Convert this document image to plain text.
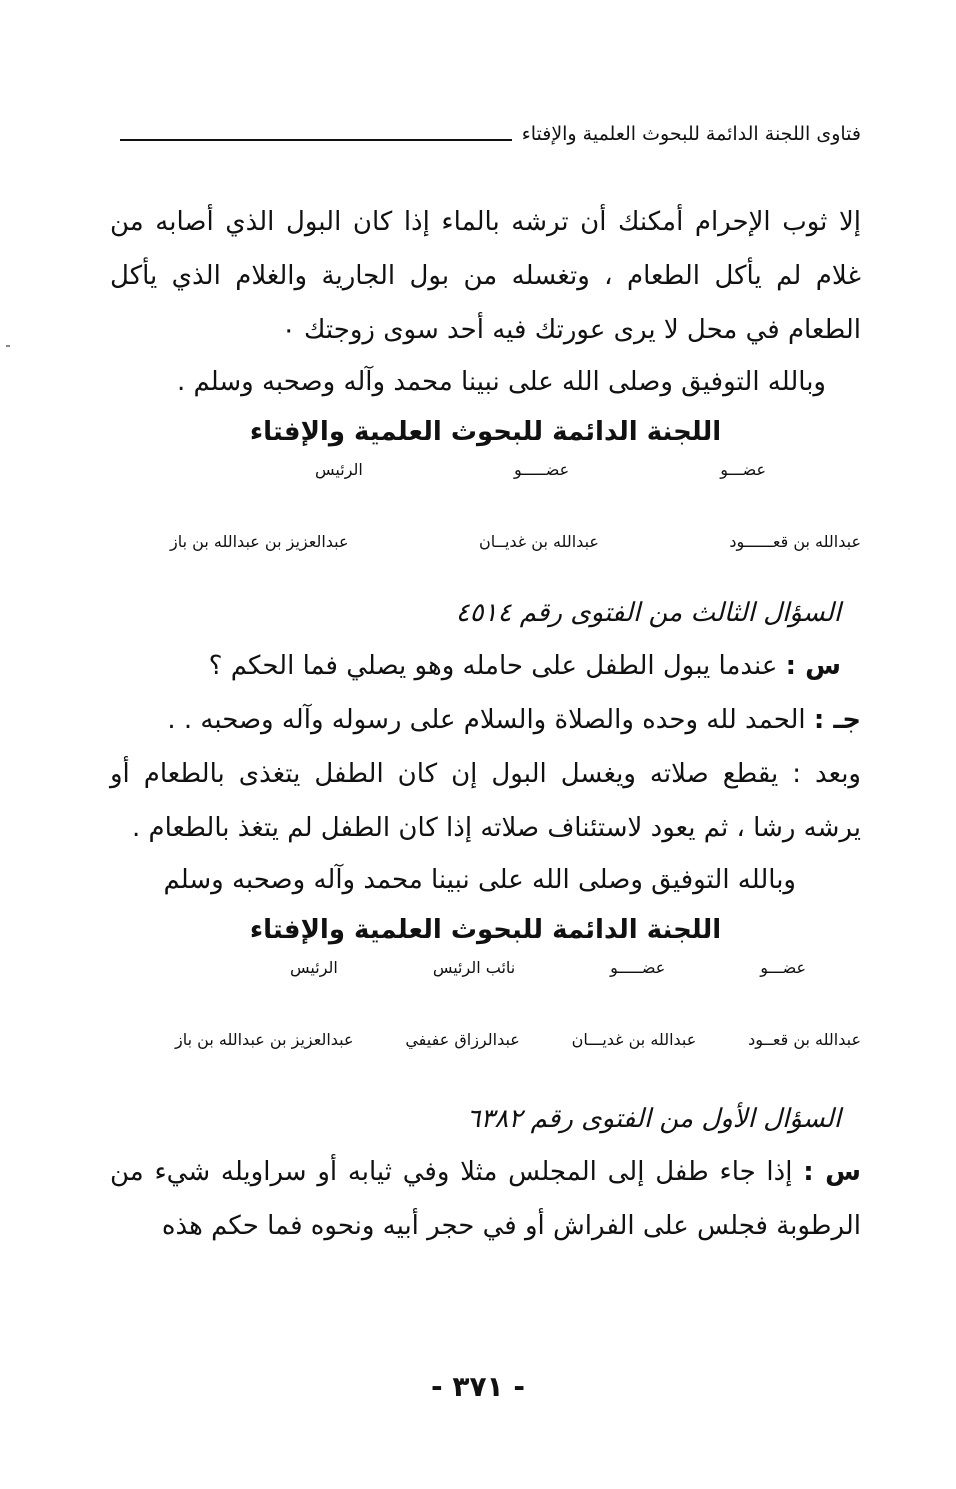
فتاوى اللجنة الدائمة للبحوث العلمية والإفتاء

إلا ثوب الإحرام أمكنك أن ترشه بالماء إذا كان البول الذي أصابه من غلام لم يأكل الطعام ، وتغسله من بول الجارية والغلام الذي يأكل الطعام في محل لا يرى عورتك فيه أحد سوى زوجتك ٠

وبالله التوفيق وصلى الله على نبينا محمد وآله وصحبه وسلم .

اللجنة الدائمة للبحوث العلمية والإفتاء

عضـــو
عضـــــو
الرئيس
عبدالله بن قعــــــود
عبدالله بن غديــان
عبدالعزيز بن عبدالله بن باز

السؤال الثالث من الفتوى رقم ٤٥١٤

س : عندما يبول الطفل على حامله وهو يصلي فما الحكم ؟

جـ : الحمد لله وحده والصلاة والسلام على رسوله وآله وصحبه . .

وبعد : يقطع صلاته ويغسل البول إن كان الطفل يتغذى بالطعام أو يرشه رشا ، ثم يعود لاستئناف صلاته إذا كان الطفل لم يتغذ بالطعام .

وبالله التوفيق وصلى الله على نبينا محمد وآله وصحبه وسلم

اللجنة الدائمة للبحوث العلمية والإفتاء

عضـــو
عضـــــو
نائب الرئيس
الرئيس
عبدالله بن قعــود
عبدالله بن غديـــان
عبدالرزاق عفيفي
عبدالعزيز بن عبدالله بن باز

السؤال الأول من الفتوى رقم ٦٣٨٢

س : إذا جاء طفل إلى المجلس مثلا وفي ثيابه أو سراويله شيء من الرطوبة فجلس على الفراش أو في حجر أبيه ونحوه فما حكم هذه

- ٣٧١ -
